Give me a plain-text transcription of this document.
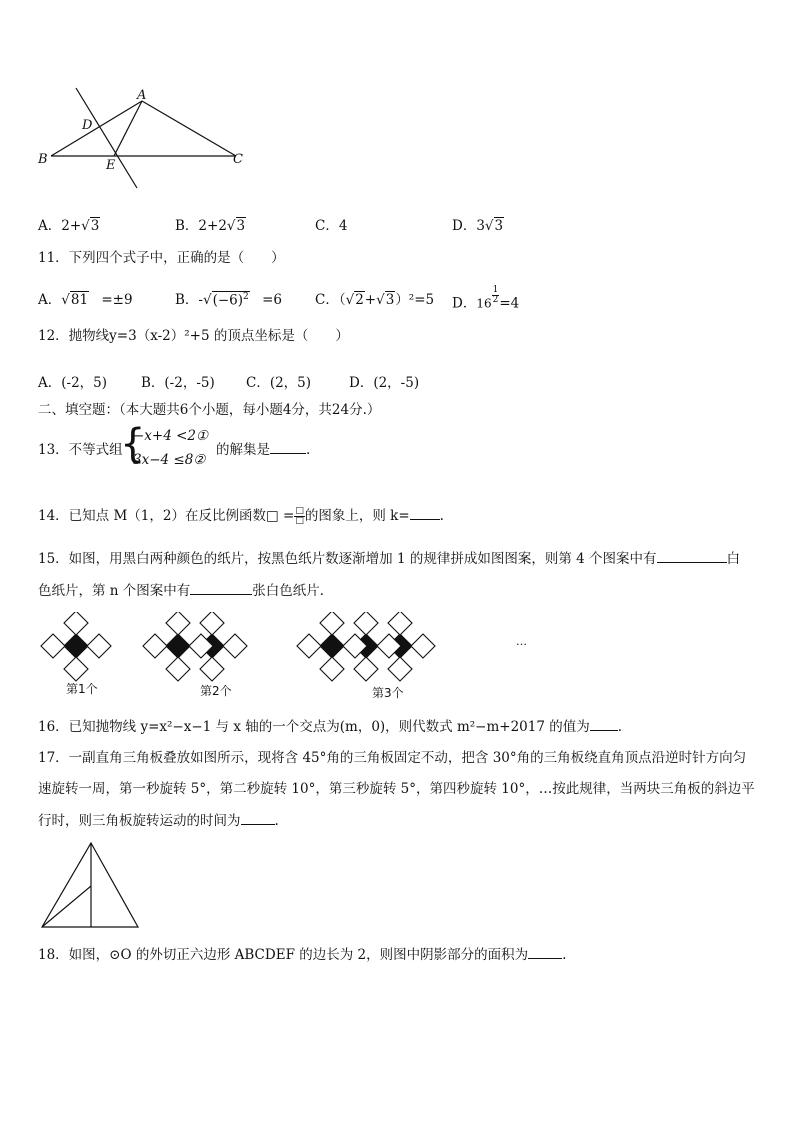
A
D
B	E	C
A．2+√3	B．2+2√3	C．4	D．3√3
11．下列四个式子中，正确的是（　　）
A．√81 =±9	B．$-√(-6)^2 =6$ C．（√2+√3）²=5 D．$16 \frac{1}{2} =4$
12．抛物线y=3（x-2）²+5 的顶点坐标是（　　）
A．(-2，5)	B．(-2，-5) C．(2，5)	D．(2，-5)
二、填空题：（本大题共6个小题，每小题4分，共24分.）
13．不等式组
{
−x+4 <2①
3x−4 ≤8②
的解集是	.
14．已知点 M（1，2）在反比例函数□ = $\frac{□}{□}$ 的图象上，则 k= .
15．如图，用黑白两种颜色的纸片，按黑色纸片数逐渐增加 1 的规律拼成如图图案，则第 4 个图案中有	白
色纸片，第 n 个图案中有	张白色纸片．
第1个	第2个	第3个
…
16．已知抛物线 y=x²−x−1 与 x 轴的一个交点为(m，0)，则代数式 m²−m+2017 的值为 .
17．一副直角三角板叠放如图所示，现将含 45°角的三角板固定不动，把含 30°角的三角板绕直角顶点沿逆时针方向匀
速旋转一周，第一秒旋转 5°，第二秒旋转 10°，第三秒旋转 5°，第四秒旋转 10°，…按此规律，当两块三角板的斜边平
行时，则三角板旋转运动的时间为	.
18．如图，⊙O 的外切正六边形 ABCDEF 的边长为 2，则图中阴影部分的面积为	.
